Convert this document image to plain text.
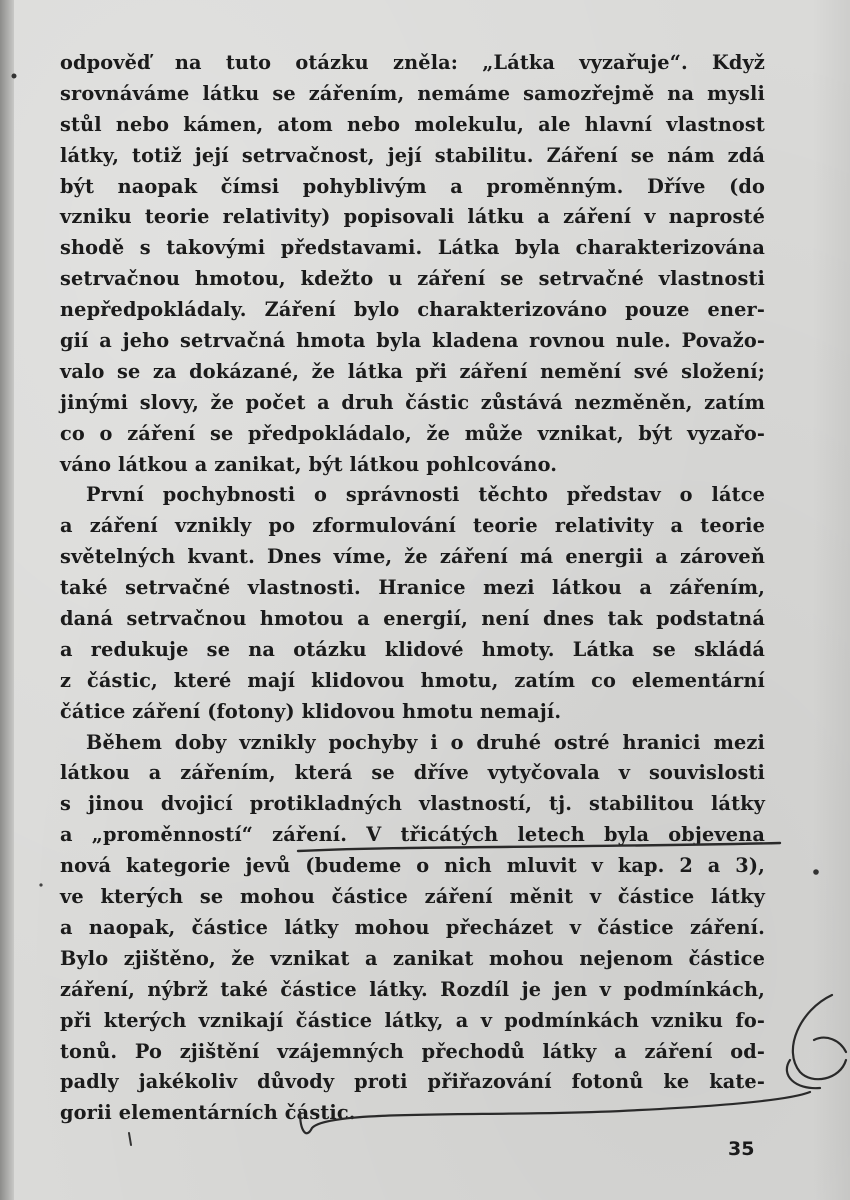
odpověď na tuto otázku zněla: „Látka vyzařuje“. Když
srovnáváme látku se zářením, nemáme samozřejmě na mysli
stůl nebo kámen, atom nebo molekulu, ale hlavní vlastnost
látky, totiž její setrvačnost, její stabilitu. Záření se nám zdá
být naopak čímsi pohyblivým a proměnným. Dříve (do
vzniku teorie relativity) popisovali látku a záření v naprosté
shodě s takovými představami. Látka byla charakterizována
setrvačnou hmotou, kdežto u záření se setrvačné vlastnosti
nepředpokládaly. Záření bylo charakterizováno pouze ener-
gií a jeho setrvačná hmota byla kladena rovnou nule. Považo-
valo se za dokázané, že látka při záření nemění své složení;
jinými slovy, že počet a druh částic zůstává nezměněn, zatím
co o záření se předpokládalo, že může vznikat, být vyzařo-
váno látkou a zanikat, být látkou pohlcováno.
První pochybnosti o správnosti těchto představ o látce
a záření vznikly po zformulování teorie relativity a teorie
světelných kvant. Dnes víme, že záření má energii a zároveň
také setrvačné vlastnosti. Hranice mezi látkou a zářením,
daná setrvačnou hmotou a energií, není dnes tak podstatná
a redukuje se na otázku klidové hmoty. Látka se skládá
z částic, které mají klidovou hmotu, zatím co elementární
čátice záření (fotony) klidovou hmotu nemají.
Během doby vznikly pochyby i o druhé ostré hranici mezi
látkou a zářením, která se dříve vytyčovala v souvislosti
s jinou dvojicí protikladných vlastností, tj. stabilitou látky
a „proměnností“ záření. V třicátých letech byla objevena
nová kategorie jevů (budeme o nich mluvit v kap. 2 a 3),
ve kterých se mohou částice záření měnit v částice látky
a naopak, částice látky mohou přecházet v částice záření.
Bylo zjištěno, že vznikat a zanikat mohou nejenom částice
záření, nýbrž také částice látky. Rozdíl je jen v podmínkách,
při kterých vznikají částice látky, a v podmínkách vzniku fo-
tonů. Po zjištění vzájemných přechodů látky a záření od-
padly jakékoliv důvody proti přiřazování fotonů ke kate-
gorii elementárních částic.
35
